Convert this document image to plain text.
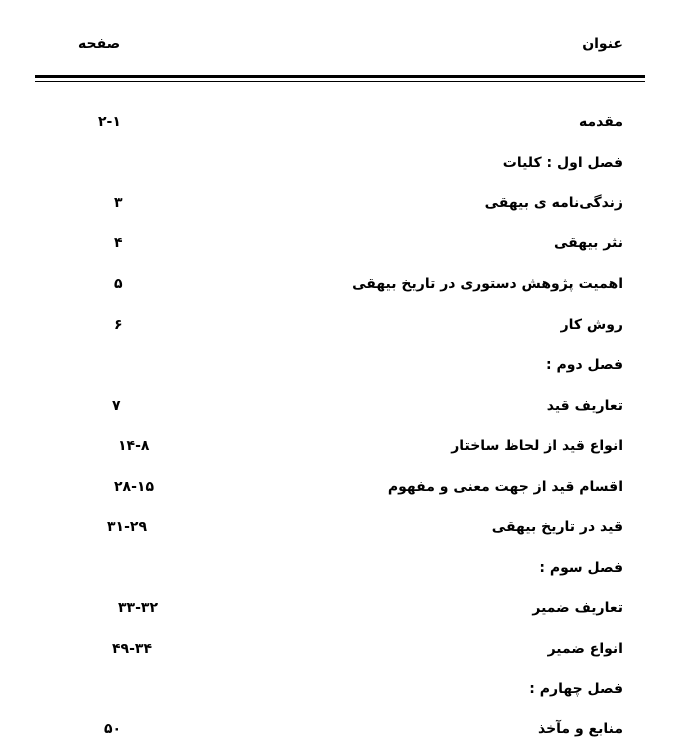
عنوان
صفحه
مقدمه
۲-۱
فصل اول : کلیات
زندگی‌نامه ی بیهقی
۳
نثر بیهقی
۴
اهمیت پژوهش دستوری در تاریخ بیهقی
۵
روش کار
۶
فصل دوم :
تعاریف قید
۷
انواع قید از لحاظ ساختار
۱۴-۸
اقسام قید از جهت معنی و مفهوم
۲۸-۱۵
قید در تاریخ بیهقی
۳۱-۲۹
فصل سوم :
تعاریف ضمیر
۳۳-۳۲
انواع ضمیر
۴۹-۳۴
فصل چهارم :
منابع و مآخذ
۵۰
